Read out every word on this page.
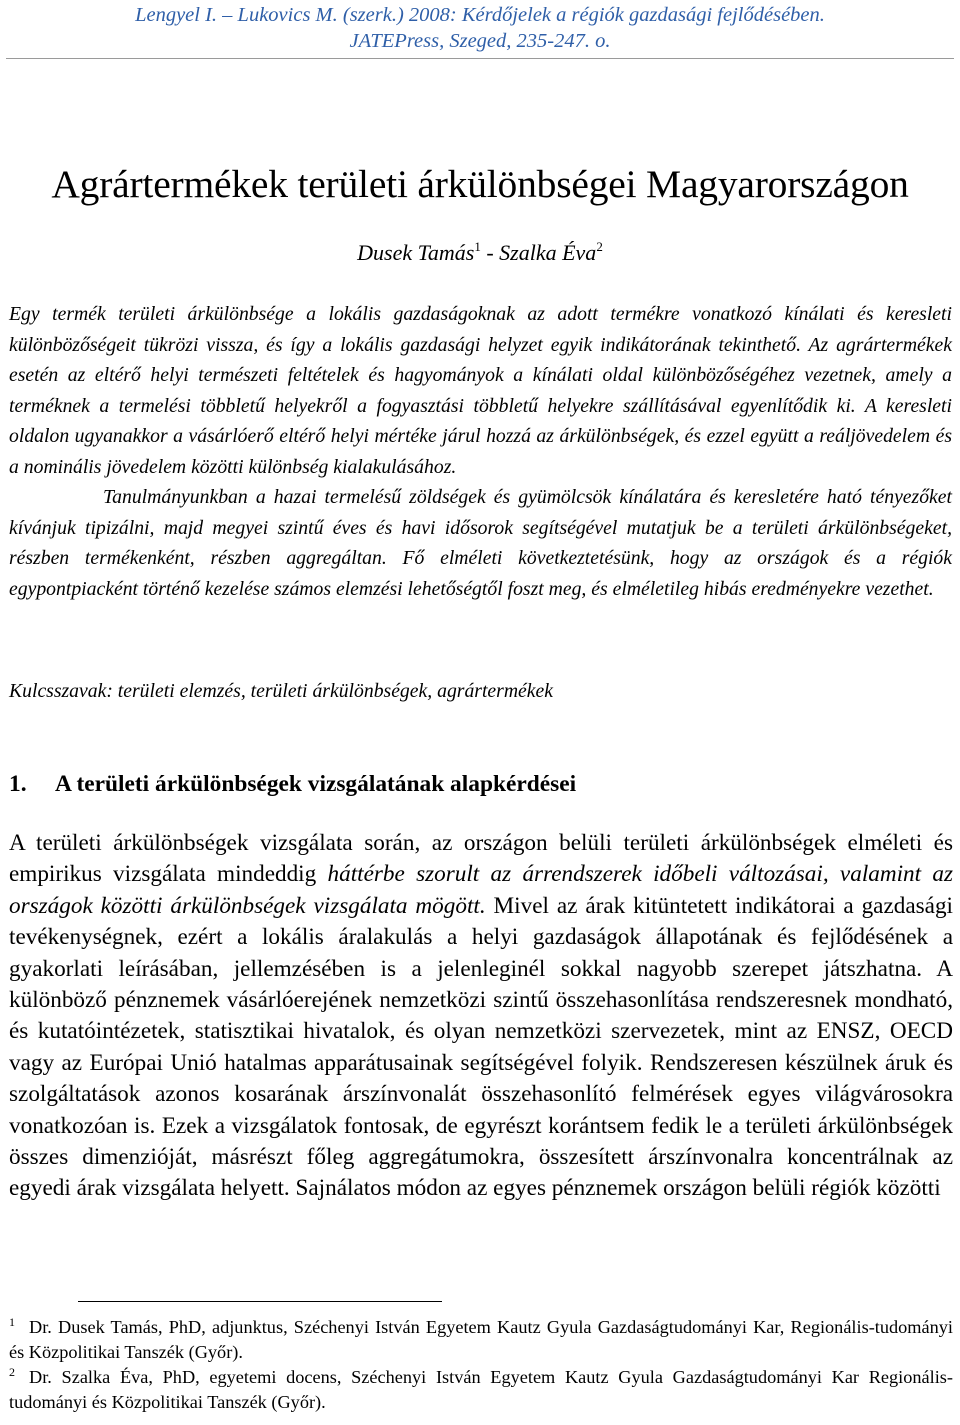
Lengyel I. – Lukovics M. (szerk.) 2008: Kérdőjelek a régiók gazdasági fejlődésében.
JATEPress, Szeged, 235-247. o.
Agrártermékek területi árkülönbségei Magyarországon
Dusek Tamás$^1$ - Szalka Éva$^2$

Egy termék területi árkülönbsége a lokális gazdaságoknak az adott termékre vonatkozó kínálati és keresleti különbözőségeit tükrözi vissza, és így a lokális gazdasági helyzet egyik indikátorának tekinthető. Az agrártermékek esetén az eltérő helyi természeti feltételek és hagyományok a kínálati oldal különbözőségéhez vezetnek, amely a terméknek a termelési többletű helyekről a fogyasztási többletű helyekre szállításával egyenlítődik ki. A keresleti oldalon ugyanakkor a vásárlóerő eltérő helyi mértéke járul hozzá az árkülönbségek, és ezzel együtt a reáljövedelem és a nominális jövedelem közötti különbség kialakulásához.

Tanulmányunkban a hazai termelésű zöldségek és gyümölcsök kínálatára és keresletére ható tényezőket kívánjuk tipizálni, majd megyei szintű éves és havi idősorok segítségével mutatjuk be a területi árkülönbségeket, részben termékenként, részben aggregáltan. Fő elméleti következtetésünk, hogy az országok és a régiók egypontpiacként történő kezelése számos elemzési lehetőségtől foszt meg, és elméletileg hibás eredményekre vezethet.

Kulcsszavak: területi elemzés, területi árkülönbségek, agrártermékek
1. A területi árkülönbségek vizsgálatának alapkérdései

A területi árkülönbségek vizsgálata során, az országon belüli területi árkülönbségek elméleti és empirikus vizsgálata mindeddig háttérbe szorult az árrendszerek időbeli változásai, valamint az országok közötti árkülönbségek vizsgálata mögött. Mivel az árak kitüntetett indikátorai a gazdasági tevékenységnek, ezért a lokális áralakulás a helyi gazdaságok állapotának és fejlődésének a gyakorlati leírásában, jellemzésében is a jelenleginél sokkal nagyobb szerepet játszhatna. A különböző pénznemek vásárlóerejének nemzetközi szintű összehasonlítása rendszeresnek mondható, és kutatóintézetek, statisztikai hivatalok, és olyan nemzetközi szervezetek, mint az ENSZ, OECD vagy az Európai Unió hatalmas apparátusainak segítségével folyik. Rendszeresen készülnek áruk és szolgáltatások azonos kosarának árszínvonalát összehasonlító felmérések egyes világvárosokra vonatkozóan is. Ezek a vizsgálatok fontosak, de egyrészt korántsem fedik le a területi árkülönbségek összes dimenzióját, másrészt főleg aggregátumokra, összesített árszínvonalra koncentrálnak az egyedi árak vizsgálata helyett. Sajnálatos módon az egyes pénznemek országon belüli régiók közötti

$^1$ Dr. Dusek Tamás, PhD, adjunktus, Széchenyi István Egyetem Kautz Gyula Gazdaságtudományi Kar, Regionális-tudományi és Közpolitikai Tanszék (Győr).

$^2$ Dr. Szalka Éva, PhD, egyetemi docens, Széchenyi István Egyetem Kautz Gyula Gazdaságtudományi Kar Regionális-tudományi és Közpolitikai Tanszék (Győr).
